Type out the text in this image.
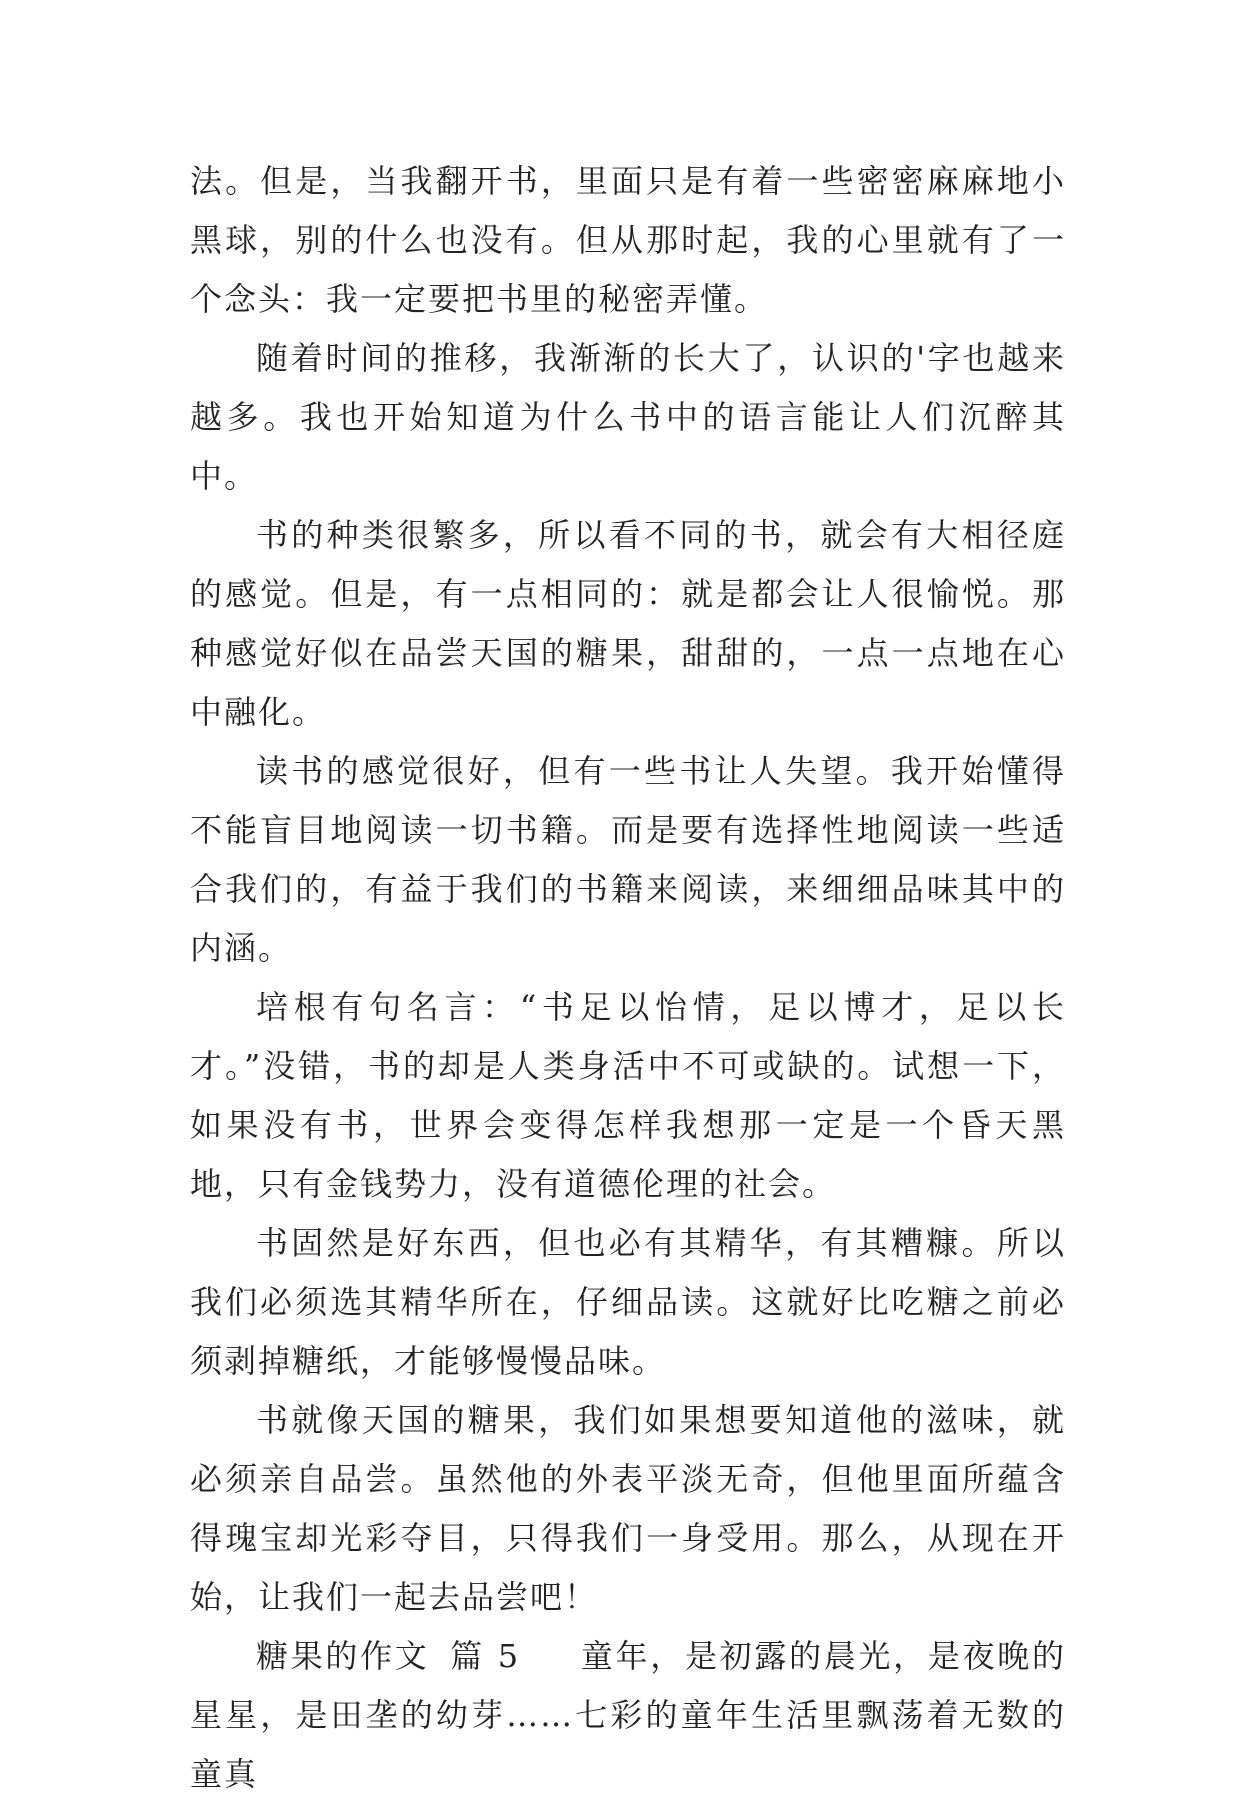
法。但是，当我翻开书，里面只是有着一些密密麻麻地小黑球，别的什么也没有。但从那时起，我的心里就有了一个念头：我一定要把书里的秘密弄懂。

随着时间的推移，我渐渐的长大了，认识的'字也越来越多。我也开始知道为什么书中的语言能让人们沉醉其中。

书的种类很繁多，所以看不同的书，就会有大相径庭的感觉。但是，有一点相同的：就是都会让人很愉悦。那种感觉好似在品尝天国的糖果，甜甜的，一点一点地在心中融化。

读书的感觉很好，但有一些书让人失望。我开始懂得不能盲目地阅读一切书籍。而是要有选择性地阅读一些适合我们的，有益于我们的书籍来阅读，来细细品味其中的内涵。

培根有句名言：“书足以怡情，足以博才，足以长才。”没错，书的却是人类身活中不可或缺的。试想一下，如果没有书，世界会变得怎样我想那一定是一个昏天黑地，只有金钱势力，没有道德伦理的社会。

书固然是好东西，但也必有其精华，有其糟糠。所以我们必须选其精华所在，仔细品读。这就好比吃糖之前必须剥掉糖纸，才能够慢慢品味。

书就像天国的糖果，我们如果想要知道他的滋味，就必须亲自品尝。虽然他的外表平淡无奇，但他里面所蕴含得瑰宝却光彩夺目，只得我们一身受用。那么，从现在开始，让我们一起去品尝吧！

糖果的作文 篇 5 童年，是初露的晨光，是夜晚的星星，是田垄的幼芽……七彩的童年生活里飘荡着无数的童真
